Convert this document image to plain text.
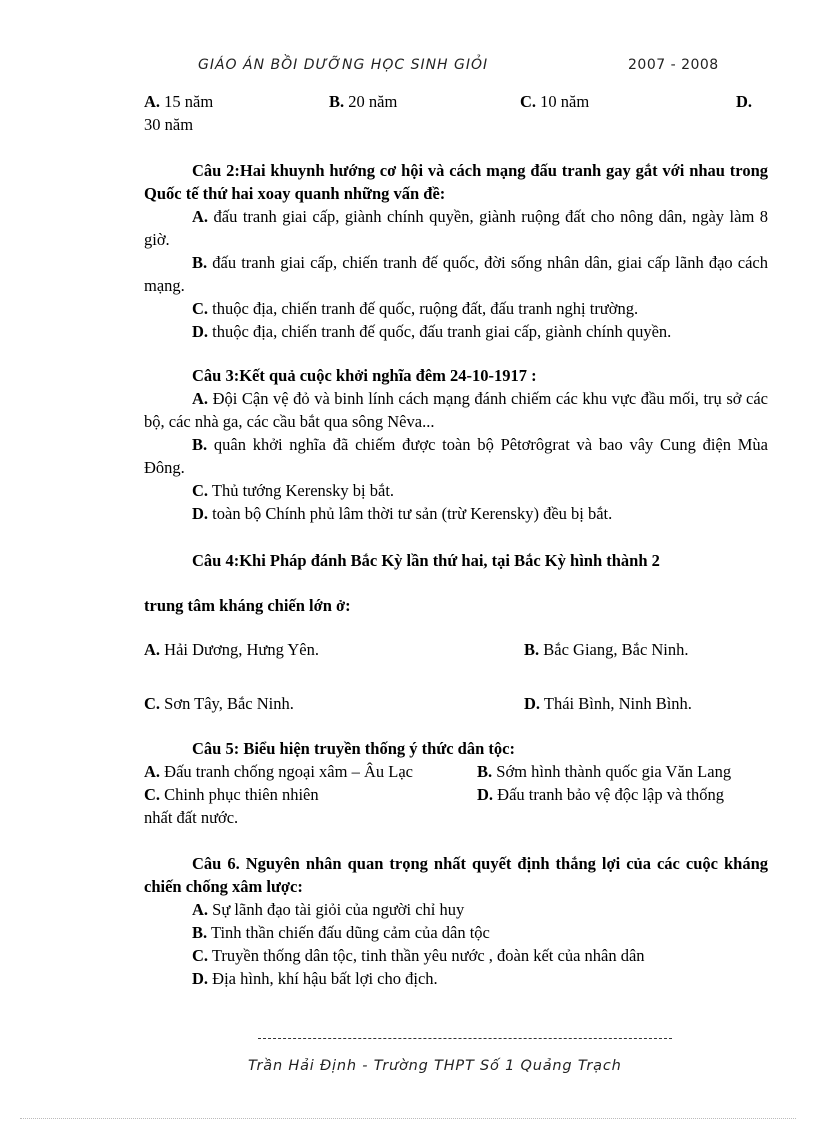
GIÁO ÁN BỒI DƯỠNG HỌC SINH GIỎI	2007 - 2008
A. 15 năm	B. 20 năm	C. 10 năm	D.
30 năm
Câu 2:Hai khuynh hướng cơ hội và cách mạng đấu tranh gay gắt với nhau trong Quốc tế thứ hai xoay quanh những vấn đề:
A. đấu tranh giai cấp, giành chính quyền, giành ruộng đất cho nông dân, ngày làm 8 giờ.
B. đấu tranh giai cấp, chiến tranh đế quốc, đời sống nhân dân, giai cấp lãnh đạo cách mạng.
C. thuộc địa, chiến tranh đế quốc, ruộng đất, đấu tranh nghị trường.
D. thuộc địa, chiến tranh đế quốc, đấu tranh giai cấp, giành chính quyền.
Câu 3:Kết quả cuộc khởi nghĩa đêm 24-10-1917 :
A. Đội Cận vệ đỏ và binh lính cách mạng đánh chiếm các khu vực đầu mối, trụ sở các bộ, các nhà ga, các cầu bắt qua sông Nêva...
B. quân khởi nghĩa đã chiếm được toàn bộ Pêtơrôgrat và bao vây Cung điện Mùa Đông.
C. Thủ tướng Kerensky bị bắt.
D. toàn bộ Chính phủ lâm thời tư sản (trừ Kerensky) đều bị bắt.
Câu 4:Khi Pháp đánh Bắc Kỳ lần thứ hai, tại Bắc Kỳ hình thành 2
trung tâm kháng chiến lớn ở:
A. Hải Dương, Hưng Yên.	B. Bắc Giang, Bắc Ninh.
C. Sơn Tây, Bắc Ninh.	D. Thái Bình, Ninh Bình.
Câu 5: Biểu hiện truyền thống ý thức dân tộc:
A. Đấu tranh chống ngoại xâm – Âu Lạc	B. Sớm hình thành quốc gia Văn Lang
C. Chinh phục thiên nhiên	D. Đấu tranh bảo vệ độc lập và thống
nhất đất nước.
Câu 6. Nguyên nhân quan trọng nhất quyết định thắng lợi của các cuộc kháng chiến chống xâm lược:
A. Sự lãnh đạo tài giỏi của người chỉ huy
B. Tinh thần chiến đấu dũng cảm của dân tộc
C. Truyền thống dân tộc, tinh thần yêu nước , đoàn kết của nhân dân
D. Địa hình, khí hậu bất lợi cho địch.
Trần Hải Định - Trường THPT Số 1 Quảng Trạch
